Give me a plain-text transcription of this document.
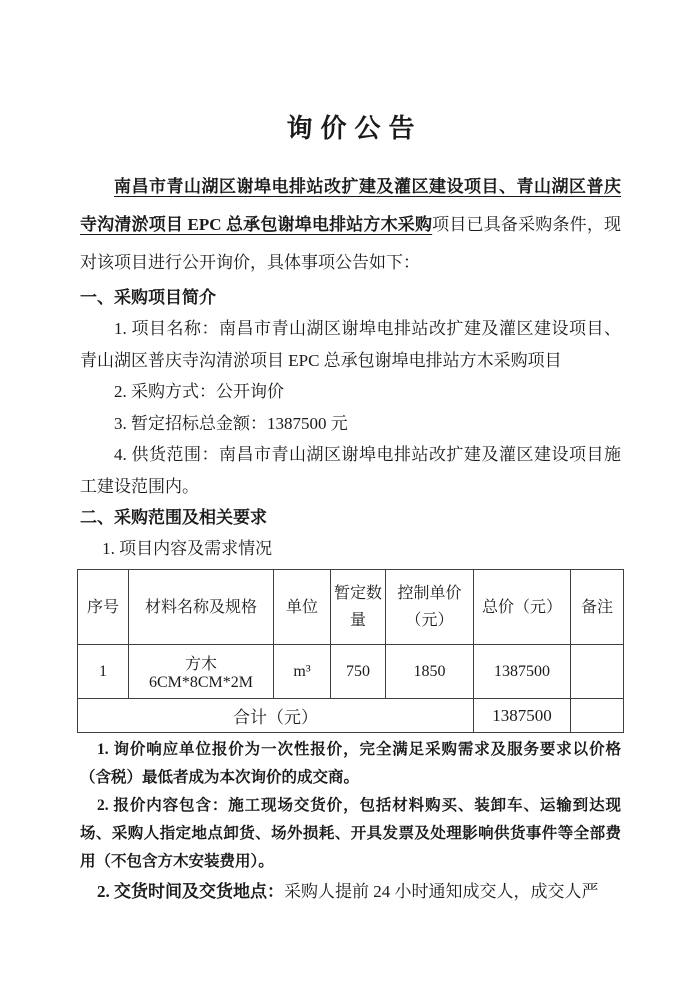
询价公告

南昌市青山湖区谢埠电排站改扩建及灌区建设项目、青山湖区普庆寺沟清淤项目 EPC 总承包谢埠电排站方木采购项目已具备采购条件，现对该项目进行公开询价，具体事项公告如下：

一、采购项目简介

1. 项目名称：南昌市青山湖区谢埠电排站改扩建及灌区建设项目、青山湖区普庆寺沟清淤项目 EPC 总承包谢埠电排站方木采购项目

2. 采购方式：公开询价

3. 暂定招标总金额：1387500 元

4. 供货范围：南昌市青山湖区谢埠电排站改扩建及灌区建设项目施工建设范围内。

二、采购范围及相关要求

1. 项目内容及需求情况

序号	材料名称及规格	单位	暂定数量	控制单价（元）	总价（元）	备注
1	方木 6CM*8CM*2M	m³	750	1850	1387500	
合计（元）					1387500	

1. 询价响应单位报价为一次性报价，完全满足采购需求及服务要求以价格（含税）最低者成为本次询价的成交商。

2. 报价内容包含：施工现场交货价，包括材料购买、装卸车、运输到达现场、采购人指定地点卸货、场外损耗、开具发票及处理影响供货事件等全部费用（不包含方木安装费用）。

2. 交货时间及交货地点：采购人提前 24 小时通知成交人，成交人严
